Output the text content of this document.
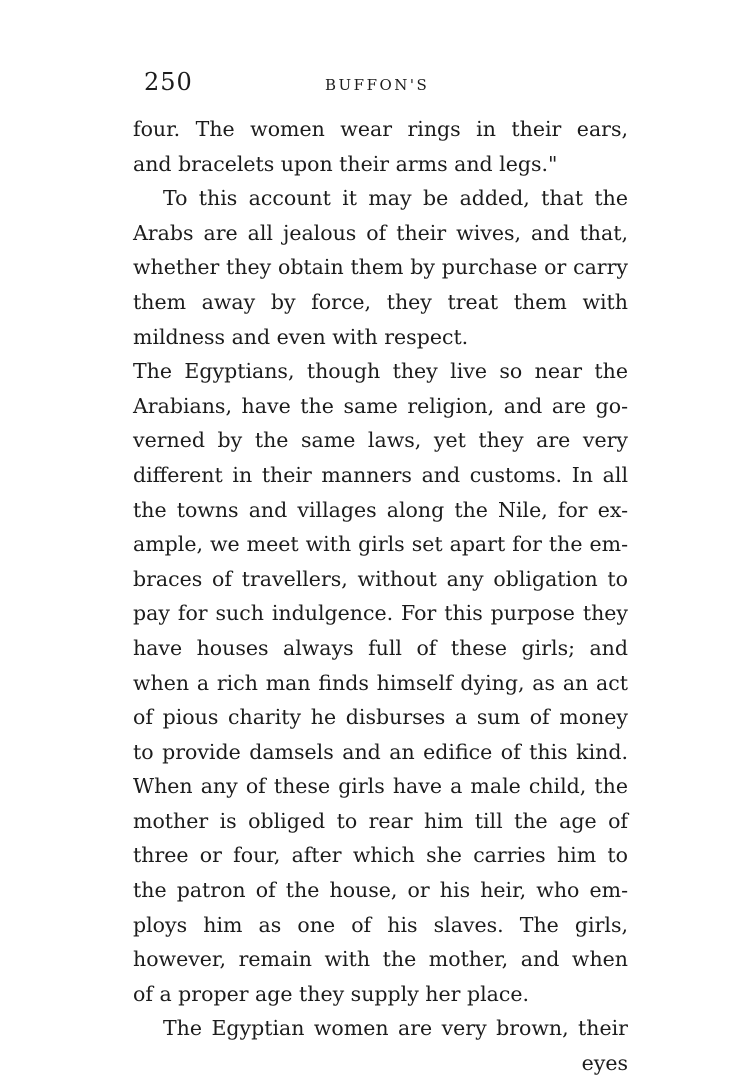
250	BUFFON'S
four. The women wear rings in their ears,
and bracelets upon their arms and legs."
To this account it may be added, that the
Arabs are all jealous of their wives, and that,
whether they obtain them by purchase or carry
them away by force, they treat them with
mildness and even with respect.
The Egyptians, though they live so near the
Arabians, have the same religion, and are go-
verned by the same laws, yet they are very
different in their manners and customs. In all
the towns and villages along the Nile, for ex-
ample, we meet with girls set apart for the em-
braces of travellers, without any obligation to
pay for such indulgence. For this purpose they
have houses always full of these girls; and
when a rich man finds himself dying, as an act
of pious charity he disburses a sum of money
to provide damsels and an edifice of this kind.
When any of these girls have a male child, the
mother is obliged to rear him till the age of
three or four, after which she carries him to
the patron of the house, or his heir, who em-
ploys him as one of his slaves. The girls,
however, remain with the mother, and when
of a proper age they supply her place.
The Egyptian women are very brown, their
eyes
